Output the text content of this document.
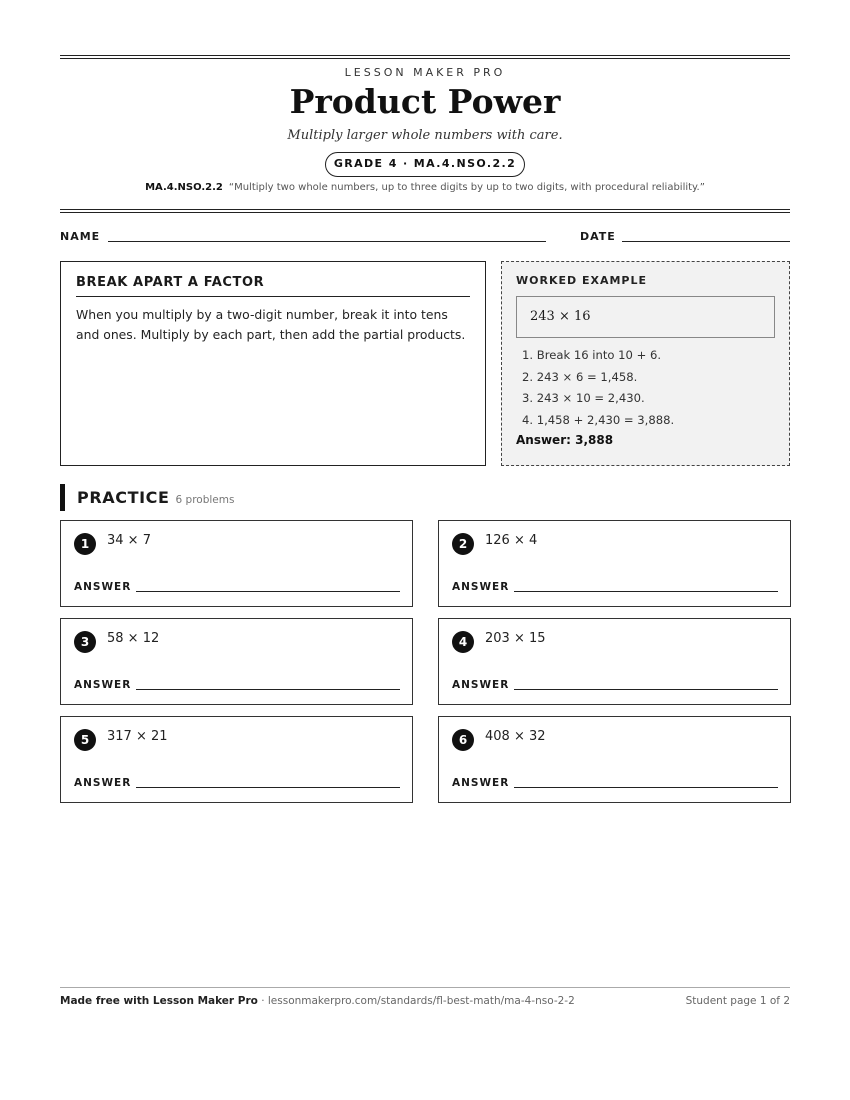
LESSON MAKER PRO
Product Power
Multiply larger whole numbers with care.
GRADE 4 · MA.4.NSO.2.2
MA.4.NSO.2.2 “Multiply two whole numbers, up to three digits by up to two digits, with procedural reliability.”
NAME	DATE
BREAK APART A FACTOR
When you multiply by a two-digit number, break it into tens and ones. Multiply by each part, then add the partial products.
WORKED EXAMPLE
243 × 16
1. Break 16 into 10 + 6.
2. 243 × 6 = 1,458.
3. 243 × 10 = 2,430.
4. 1,458 + 2,430 = 3,888.
Answer: 3,888
PRACTICE 6 problems
1	34 × 7
ANSWER
2	126 × 4
ANSWER
3	58 × 12
ANSWER
4	203 × 15
ANSWER
5	317 × 21
ANSWER
6	408 × 32
ANSWER
Made free with Lesson Maker Pro · lessonmakerpro.com/standards/fl-best-math/ma-4-nso-2-2	Student page 1 of 2
